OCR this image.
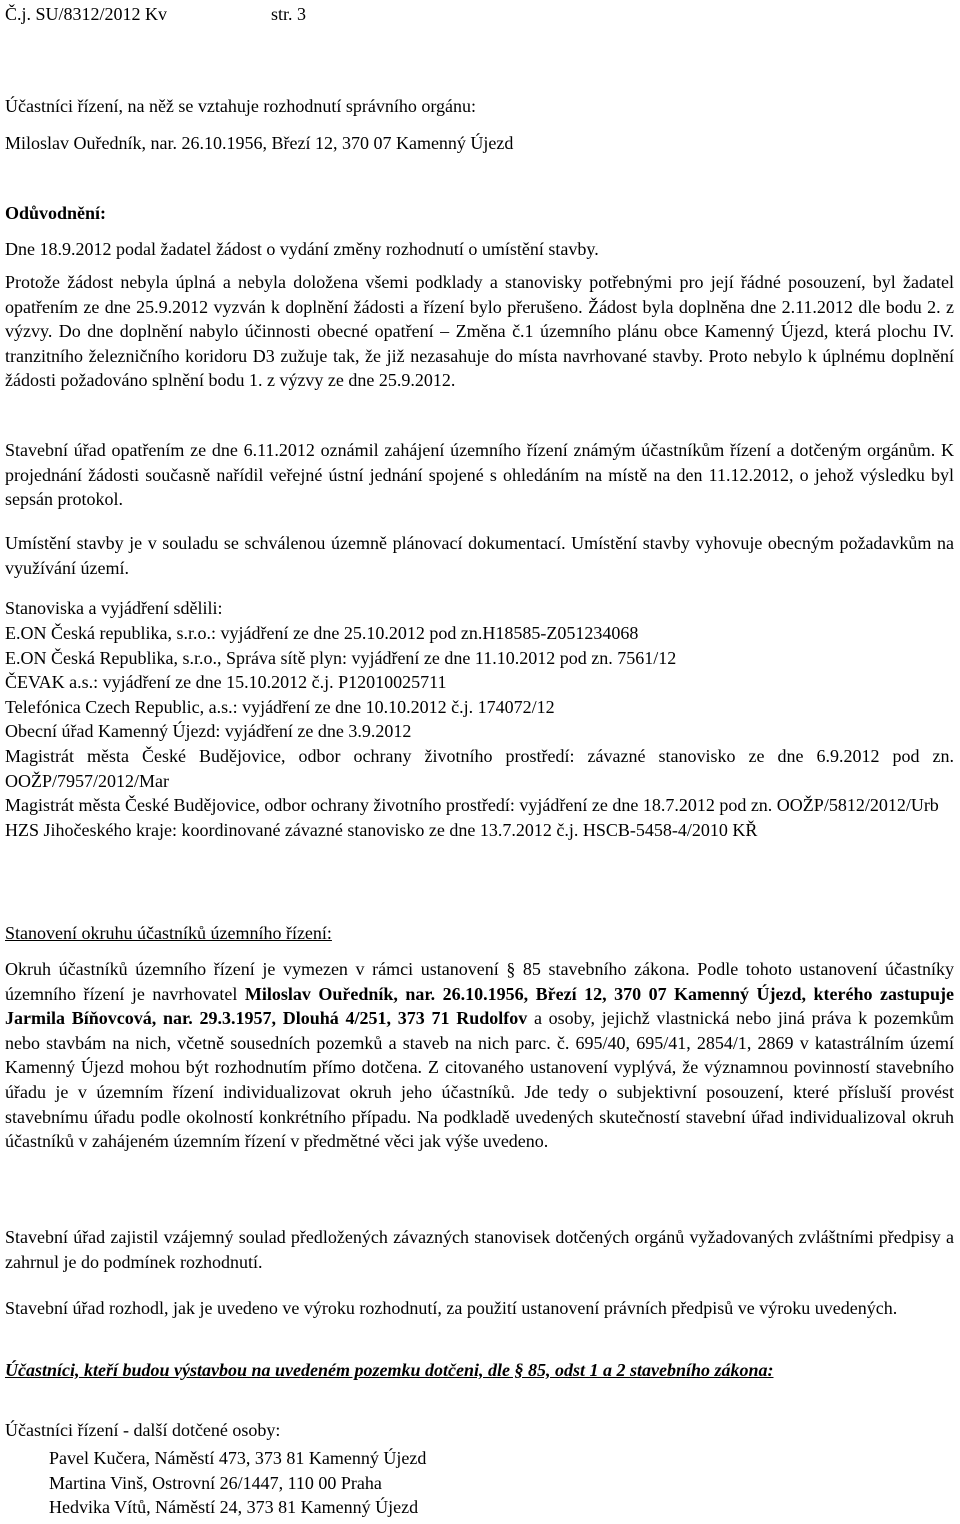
Č.j. SU/8312/2012 Kv	str. 3

Účastníci řízení, na něž se vztahuje rozhodnutí správního orgánu:

Miloslav Ouředník, nar. 26.10.1956, Březí 12, 370 07 Kamenný Újezd

Odůvodnění:

Dne 18.9.2012 podal žadatel žádost o vydání změny rozhodnutí o umístění stavby.

Protože žádost nebyla úplná a nebyla doložena všemi podklady a stanovisky potřebnými pro její řádné posouzení, byl žadatel opatřením ze dne 25.9.2012 vyzván k doplnění žádosti a řízení bylo přerušeno. Žádost byla doplněna dne 2.11.2012 dle bodu 2. z výzvy. Do dne doplnění nabylo účinnosti obecné opatření – Změna č.1 územního plánu obce Kamenný Újezd, která plochu IV. tranzitního železničního koridoru D3 zužuje tak, že již nezasahuje do místa navrhované stavby. Proto nebylo k úplnému doplnění žádosti požadováno splnění bodu 1. z výzvy ze dne 25.9.2012.

Stavební úřad opatřením ze dne 6.11.2012 oznámil zahájení územního řízení známým účastníkům řízení a dotčeným orgánům. K projednání žádosti současně nařídil veřejné ústní jednání spojené s ohledáním na místě na den 11.12.2012, o jehož výsledku byl sepsán protokol.

Umístění stavby je v souladu se schválenou územně plánovací dokumentací. Umístění stavby vyhovuje obecným požadavkům na využívání území.

Stanoviska a vyjádření sdělili:

E.ON Česká republika, s.r.o.: vyjádření ze dne 25.10.2012 pod zn.H18585-Z051234068
E.ON Česká Republika, s.r.o., Správa sítě plyn: vyjádření ze dne 11.10.2012 pod zn. 7561/12
ČEVAK a.s.: vyjádření ze dne 15.10.2012 č.j. P12010025711
Telefónica Czech Republic, a.s.: vyjádření ze dne 10.10.2012 č.j. 174072/12
Obecní úřad Kamenný Újezd: vyjádření ze dne 3.9.2012
Magistrát města České Budějovice, odbor ochrany životního prostředí: závazné stanovisko ze dne 6.9.2012 pod zn. OOŽP/7957/2012/Mar
Magistrát města České Budějovice, odbor ochrany životního prostředí: vyjádření ze dne 18.7.2012 pod zn. OOŽP/5812/2012/Urb
HZS Jihočeského kraje: koordinované závazné stanovisko ze dne 13.7.2012 č.j. HSCB-5458-4/2010 KŘ

Stanovení okruhu účastníků územního řízení:

Okruh účastníků územního řízení je vymezen v rámci ustanovení § 85 stavebního zákona. Podle tohoto ustanovení účastníky územního řízení je navrhovatel Miloslav Ouředník, nar. 26.10.1956, Březí 12, 370 07 Kamenný Újezd, kterého zastupuje Jarmila Bíňovcová, nar. 29.3.1957, Dlouhá 4/251, 373 71 Rudolfov a osoby, jejichž vlastnická nebo jiná práva k pozemkům nebo stavbám na nich, včetně sousedních pozemků a staveb na nich parc. č. 695/40, 695/41, 2854/1, 2869 v katastrálním území Kamenný Újezd mohou být rozhodnutím přímo dotčena. Z citovaného ustanovení vyplývá, že významnou povinností stavebního úřadu je v územním řízení individualizovat okruh jeho účastníků. Jde tedy o subjektivní posouzení, které přísluší provést stavebnímu úřadu podle okolností konkrétního případu. Na podkladě uvedených skutečností stavební úřad individualizoval okruh účastníků v zahájeném územním řízení v předmětné věci jak výše uvedeno.

Stavební úřad zajistil vzájemný soulad předložených závazných stanovisek dotčených orgánů vyžadovaných zvláštními předpisy a zahrnul je do podmínek rozhodnutí.

Stavební úřad rozhodl, jak je uvedeno ve výroku rozhodnutí, za použití ustanovení právních předpisů ve výroku uvedených.

Účastníci, kteří budou výstavbou na uvedeném pozemku dotčeni, dle § 85, odst 1 a 2 stavebního zákona:

Účastníci řízení - další dotčené osoby:

Pavel Kučera, Náměstí 473, 373 81 Kamenný Újezd
Martina Vinš, Ostrovní 26/1447, 110 00 Praha
Hedvika Vítů, Náměstí 24, 373 81 Kamenný Újezd
